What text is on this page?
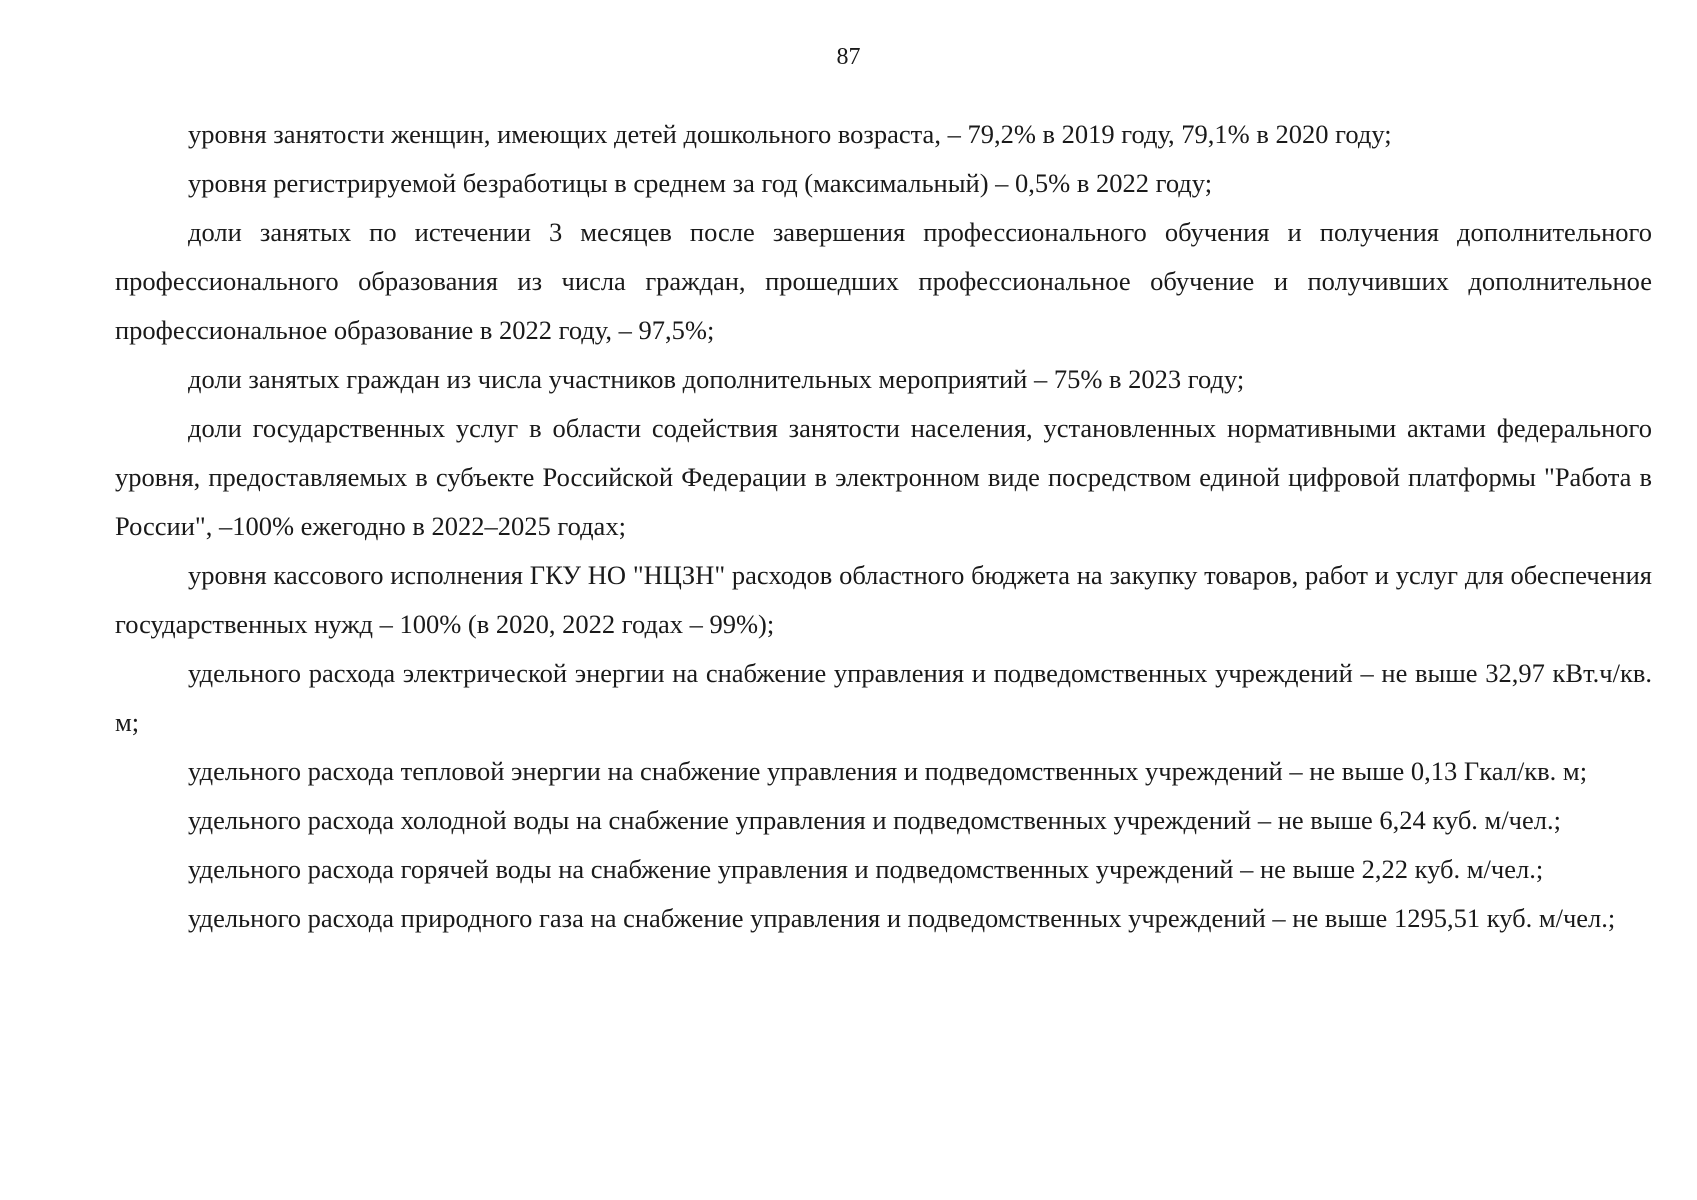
87

уровня занятости женщин, имеющих детей дошкольного возраста, – 79,2% в 2019 году, 79,1% в 2020 году;

уровня регистрируемой безработицы в среднем за год (максимальный) – 0,5% в 2022 году;

доли занятых по истечении 3 месяцев после завершения профессионального обучения и получения дополнительного профессионального образования из числа граждан, прошедших профессиональное обучение и получивших дополнительное профессиональное образование в 2022 году, – 97,5%;

доли занятых граждан из числа участников дополнительных мероприятий – 75% в 2023 году;

доли государственных услуг в области содействия занятости населения, установленных нормативными актами федерального уровня, предоставляемых в субъекте Российской Федерации в электронном виде посредством единой цифровой платформы "Работа в России", –100% ежегодно в 2022–2025 годах;

уровня кассового исполнения ГКУ НО "НЦЗН" расходов областного бюджета на закупку товаров, работ и услуг для обеспечения государственных нужд – 100% (в 2020, 2022 годах – 99%);

удельного расхода электрической энергии на снабжение управления и подведомственных учреждений – не выше 32,97 кВт.ч/кв. м;

удельного расхода тепловой энергии на снабжение управления и подведомственных учреждений – не выше 0,13 Гкал/кв. м;

удельного расхода холодной воды на снабжение управления и подведомственных учреждений – не выше 6,24 куб. м/чел.;

удельного расхода горячей воды на снабжение управления и подведомственных учреждений – не выше 2,22 куб. м/чел.;

удельного расхода природного газа на снабжение управления и подведомственных учреждений – не выше 1295,51 куб. м/чел.;
